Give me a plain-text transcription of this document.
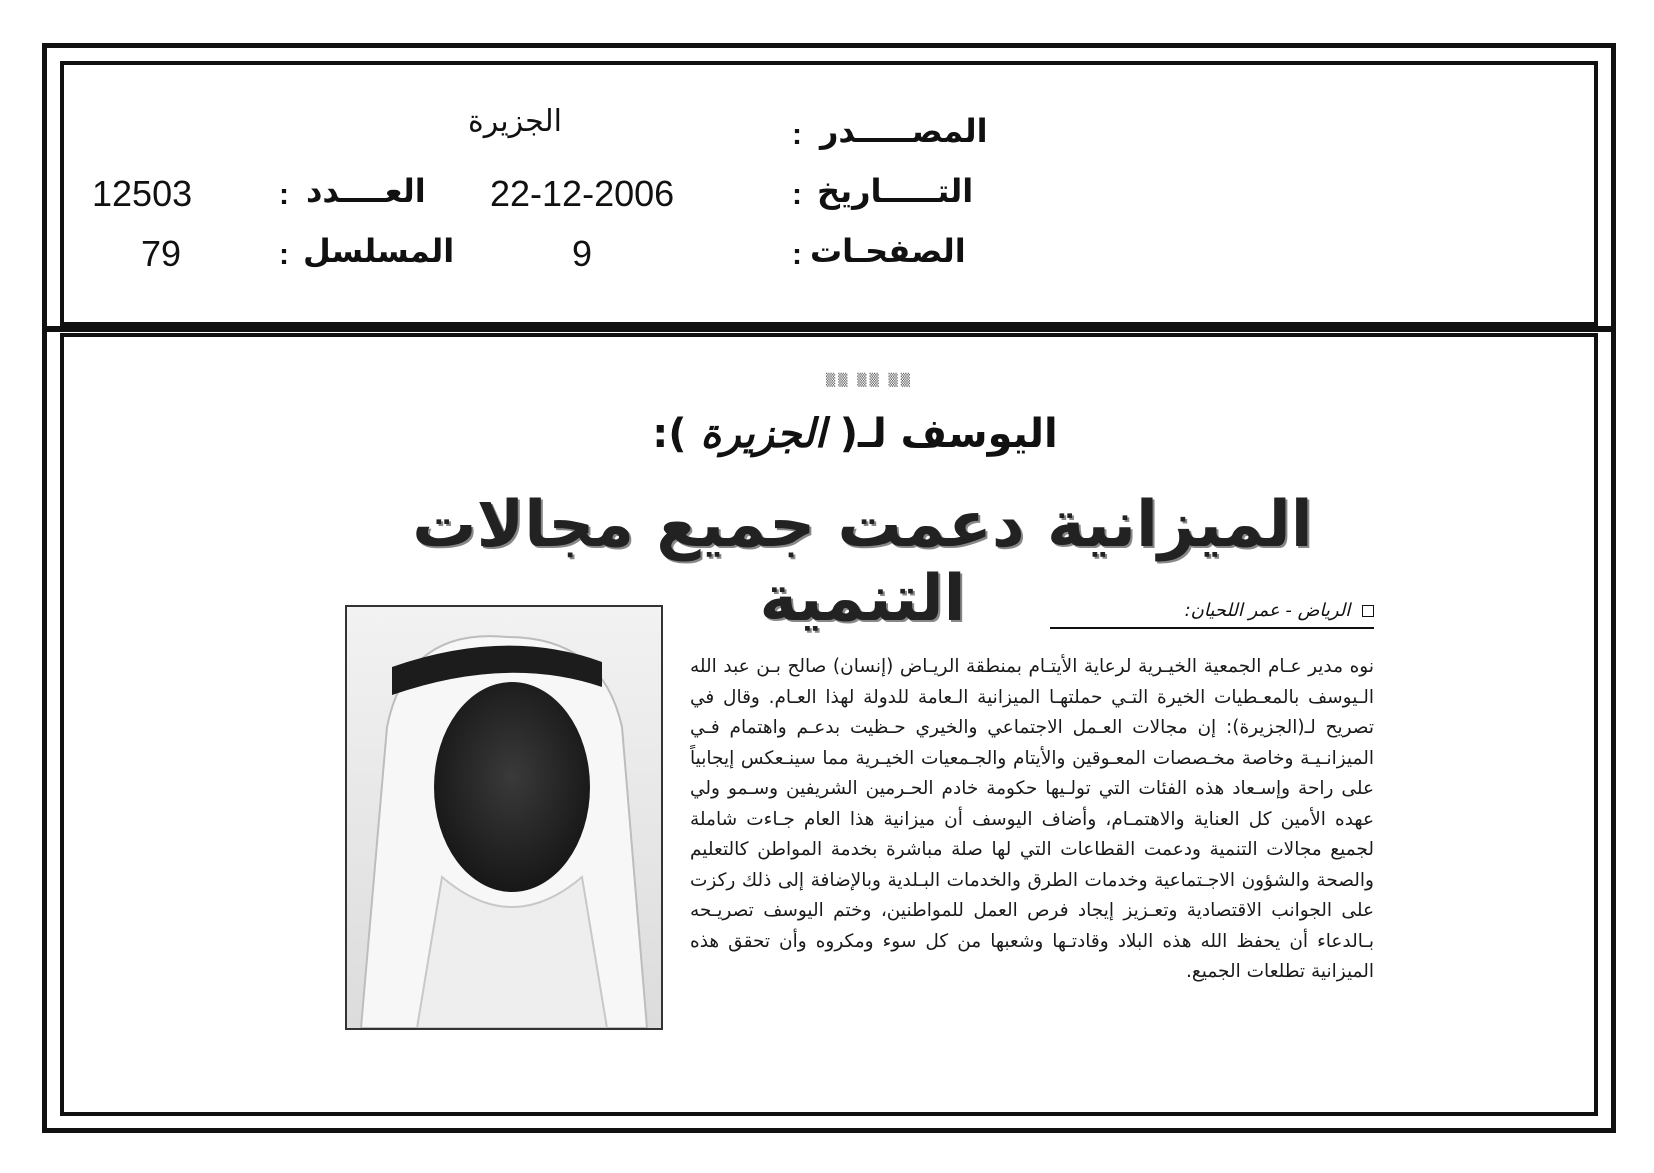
المصـــــدر
:
الجزيرة
التـــــاريخ
:
22-12-2006
العــــدد
:
12503
الصفحـات
:
9
المسلسل
:
79
▒▒ ▒▒ ▒▒
اليوسف لـ( الجزيرة ):
الميزانية دعمت جميع مجالات التنمية	الرياض - عمر اللحيان:
نوه مدير عـام الجمعية الخيـرية لرعاية الأيتـام بمنطقة الريـاض (إنسان) صالح بـن عبد الله الـيوسف بالمعـطيات الخيرة التـي حملتهـا الميزانية الـعامة للدولة لهذا العـام. وقال في تصريح لـ(الجزيرة): إن مجالات العـمل الاجتماعي والخيري حـظيت بدعـم واهتمام فـي الميزانـيـة وخاصة مخـصصات المعـوقين والأيتام والجـمعيات الخيـرية مما سينـعكس إيجابياً على راحة وإسـعاد هذه الفئات التي تولـيها حكومة خادم الحـرمين الشريفين وسـمو ولي عهده الأمين كل العناية والاهتمـام، وأضاف اليوسف أن ميزانية هذا العام جـاءت شاملة لجميع مجالات التنمية ودعمت القطاعات التي لها صلة مباشرة بخدمة المواطن كالتعليم والصحة والشؤون الاجـتماعية وخدمات الطرق والخدمات البـلدية وبالإضافة إلى ذلك ركزت على الجوانب الاقتصادية وتعـزيز إيجاد فرص العمل للمواطنين، وختم اليوسف تصريـحه بـالدعاء أن يحفظ الله هذه البلاد وقادتـها وشعبها من كل سوء ومكروه وأن تحقق هذه الميزانية تطلعات الجميع.
